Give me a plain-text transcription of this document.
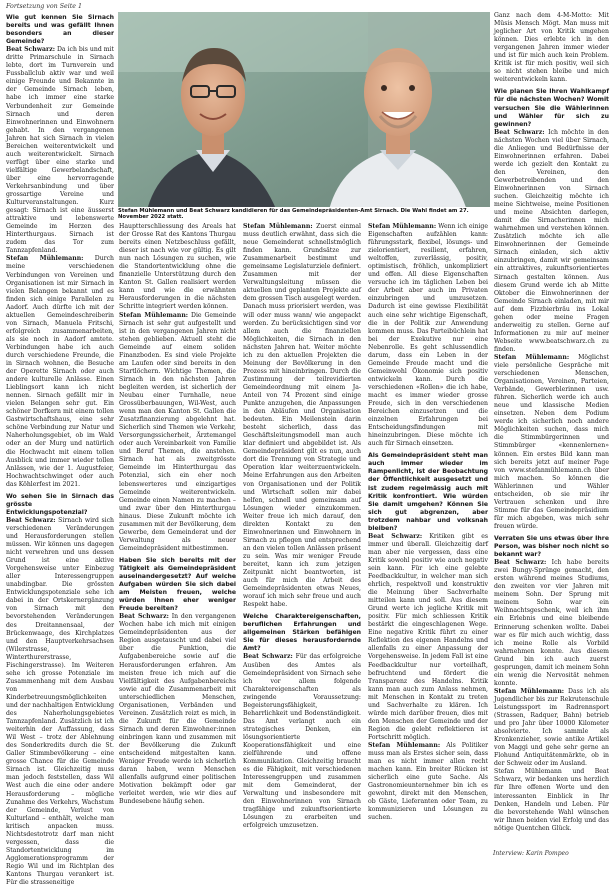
Fortsetzung von Seite 1

Wie gut kennen Sie Sirnach bereits und was gefällt Ihnen besonders an dieser Gemeinde?

Beat Schwarz: Da ich bis und mit dritte Primarschule in Sirnach lebte, dort im Turnverein und Fussballclub aktiv war und weil einige Freunde und Bekannte in der Gemeinde Sirnach leben, habe ich immer eine starke Verbundenheit zur Gemeinde Sirnach und deren Einwohnerinnen und Einwohnern gehabt. In den vergangenen Jahren hat sich Sirnach in vielen Bereichen weiterentwickelt und auch weiterentwickelt. Sirnach verfügt über eine starke und vielfältige Gewerbelandschaft, über eine hervorragende Verkehrsanbindung und über grossartige Vereine und Kulturveranstaltungen. Kurz gesagt: Sirnach ist eine äusserst attraktive und lebenswerte Gemeinde im Herzen des Hinterthurgaus. Sirnach ist zudem das Tor zum Tannzapfenland.

Stefan Mühlemann: Durch meine verschiedenen Verbindungen von Vereinen und Organisationen ist mir Sirnach in vielen Belangen bekannt und es finden sich einige Parallelen zu Aadorf. Auch dürfte ich mit der aktuellen Gemeindeschreiberin von Sirnach, Manuela Fritschi, erfolgreich zusammenarbeiten, als sie noch in Aadorf amtete. Verbindungen habe ich auch durch verschiedene Freunde, die in Sirnach wohnen, die Besuche der Operette Sirnach oder auch andere kulturelle Anlässe. Einen Lieblingsort kann ich nicht nennen. Sirnach gefällt mir in vielen Belangen sehr gut. Ein schöner Dorfkern mit einem tollen Gastwirtschaftshaus, eine sehr schöne Verbindung zur Natur und Naherholungsgebiet, ob im Wald oder an der Murg und natürlich die Hochwacht mit einem tollen Ausblick und immer wieder tollen Anlässen, wie der 1. Augustfeier, Hochwachtschwinget oder auch das Köhlerfest im 2021.

Wo sehen Sie in Sirnach das grösste Entwicklungspotenzial?

Beat Schwarz: Sirnach wird sich verschiedenen Veränderungen und Herausforderungen stellen müssen. Wir können uns dagegen nicht verwehren und uns dessen Grund ist eine aktive Vorgehensweise unter Einbezug aller Interessengruppen unabdingbar. Die grössten Entwicklungspotenziale sehe ich dabei in der Ortskernergänzung von Sirnach mit den bevorstehenden Veränderungen des Dreitannensaal, der Brückenwaage, des Kirchplatzes und den Hauptverkehrsachsen (Wilerstrasse, Winterthurerstrasse, Fischingerstrasse). Im Weiteren sehe ich grosse Potenziale im Zusammenhang mit dem Ausbau von Kinderbetreuungsmöglichkeiten und der nachhaltigen Entwicklung des Naherholungsgebietes Tannzapfenland. Zusätzlich ist ich weiterhin der Auffassung, dass Wil West – trotz der Ablehnung des Sonderkredits durch die St. Galler Stimmbevölkerung – eine grosse Chance für die Gemeinde Sirnach ist. Gleichzeitig muss man jedoch feststellen, dass Wil West auch die eine oder andere Herausforderung – mögliche Zunahme des Verkehrs, Wachstum der Gemeinde, Verlust von Kulturland – enthält, welche man kritisch anpacken muss. Nichtsdestotrotz darf man nicht vergessen, dass die Standortentwicklung im Agglomerationsprogramm der Regio Wil und im Richtplan des Kantons Thurgau verankert ist. Für die strasseneitige

Stefan Mühlemann und Beat Schwarz kandidieren für das Gemeindepräsidenten-Amt Sirnach. Die Wahl findet am 27. November 2022 statt.

Hauptterschliessung des Areals hat der Grosse Rat des Kantons Thurgau bereits einen Netzbeschluss gefällt, dieser ist nach wie vor gültig. Es gilt nun nach Lösungen zu suchen, wie die Standortentwicklung ohne die finanzielle Unterstützung durch den Kanton St. Gallen realisiert werden kann und wie die erwähnten Herausforderungen in die nächsten Schritte integriert werden können.

Stefan Mühlemann: Die Gemeinde Sirnach ist sehr gut aufgestellt und ist in den vergangenen Jahren nicht stehen geblieben. Aktuell steht die Gemeinde auf einem soliden Finanzboden. Es sind viele Projekte am Laufen oder sind bereits in den Startlöchern. Wichtige Themen, die Sirnach in den nächsten Jahren begleiten werden, ist sicherlich der Neubau einer Turnhalle, neue Grossüberbauungen, Wil-West, auch wenn man den Kanton St. Gallen die Zusatzfinanzierung abgelehnt hat. Sicherlich sind Themen wie Verkehr, Versorgungssicherheit, Ärztemangel oder auch Vereinbarkeit von Familie und Beruf Themen, die anstehen. Sirnach hat als zweitgrösste Gemeinde im Hinterthurgau das Potenzial, sich ein eher noch lebenswerteres und einzigartiges Gemeinde weiterentwickeln. Gemeinde einen Namen zu machen – und zwar über den Hinterthurgau hinaus. Diese Zukunft möchte ich zusammen mit der Bevölkerung, dem Gewerbe, dem Gemeinderat und der Verwaltung als neuer Gemeindepräsident mitbestimmen.

Haben Sie sich bereits mit der Tätigkeit als Gemeindepräsident auseinandergesetzt? Auf welche Aufgaben würden Sie sich dabei am Meisten freuen, welche würden Ihnen eher weniger Freude bereiten?

Beat Schwarz: In den vergangenen Wochen habe ich mich mit einigen Gemeindepräsidenten aus der Region ausgetauscht und dabei viel über die Funktion, die Aufgabenbereiche sowie auf die Herausforderungen erfahren. Am meisten freue ich mich auf die Vielfältigkeit des Aufgabenbereichs sowie auf die Zusammenarbeit mit unterschiedlichen Menschen, Organisationen, Verbänden und Vereinen. Zusätzlich reizt es mich, in die Zukunft für die Gemeinde Sirnach und deren Einwohner:innen einbringen kann und zusammen mit der Bevölkerung die Zukunft entscheidend mitgestalten kann. Weniger Freude werde ich sicherlich daran haben, wenn Menschen allenfalls aufgrund einer politischen Motivation bekämpft oder gar verleitet werden, wie wir dies auf Bundesebene häufig sehen.

Stefan Mühlemann: Zuerst einmal muss deutlich erwähnt, dass sich die neue Gemeinderat schnellstmöglich finden kann. Grundsätze zur Zusammenarbeit bestimmt und gemeinsame Legislaturziele definiert. Zusammen mit der Verwaltungsleitung müssen die aktuellen und geplanten Projekte auf dem grossen Tisch ausgelegt werden. Danach muss priorisiert werden, was will oder muss wann/ wie angepackt werden. Zu berücksichtigen sind vor allem auch die finanziellen Möglichkeiten, die Sirnach in den nächsten Jahren hat. Weiter möchte ich zu den aktuellen Projekten die Meinung der Bevölkerung in den Prozess mit hineinbringen. Durch die Zustimmung der teilrevidierten Gemeindeordnung mit einem Ja-Anteil von 74 Prozent sind einige Punkte anzugehen, die Anpassungen in den Abläufen und Organisation bedeuten. Ein Meilenstein darin besteht sicherlich, dass das Geschäftsleitungsmodell man auch klar definiert und abgebildet ist. Als Gemeindepräsident gilt es nun, auch dort die Trennung von Strategie und Operation klar weiterzuentwickeln. Meine Erfahrungen aus den Arbeiten von Organisationen und der Politik und Wirtschaft sollen mir dabei helfen, schnell und gemeinsam auf Lösungen wieder einzukommen. Weiter freue ich mich darauf, den direkten Kontakt zu den Einwohnerinnen und Einwohnern in Sirnach zu pflegen und entsprechend an den vielen tollen Anlässen präsent zu sein. Was mir weniger Freude bereitet, kann ich zum jetzigen Zeitpunkt nicht beantworten, ist auch für mich die Arbeit des Gemeindepräsidenten etwas Neues, worauf ich mich sehr freue und auch Respekt habe.

Welche Charaktereigenschaften, beruflichen Erfahrungen und allgemeinen Stärken befähigen Sie für dieses herausfordernde Amt?

Beat Schwarz: Für das erfolgreiche Ausüben des Amtes als Gemeindepräsident von Sirnach sehe ich vor allem folgende Charaktereigenschaften als zwingende Voraussetzung: Begeisterungsfähigkeit, Beharrlichkeit und Bodenständigkeit. Das Amt verlangt auch ein strategisches Denken, ein lösungsorientierte Kooperationsfähigkeit und eine zielführende und offene Kommunikation. Gleichzeitig braucht es die Fähigkeit, mit verschiedenen Interessengruppen und zusammen mit dem Gemeinderat, der Verwaltung und insbesondere mit den Einwohnerinnen von Sirnach tragfähige und zukunftsorientierte Lösungen zu erarbeiten und erfolgreich umzusetzen.

Stefan Mühlemann: Wenn ich einige Eigenschaften aufzählen kann: führungsstark, flexibel, lösungs- und zielorientiert, resilient, erfahren, weltoffen, zuverlässig, positiv, optimistisch, fröhlich, unkompliziert und offen. All diese Eigenschaften versuche ich im täglichen Leben bei der Arbeit aber auch im Privaten einzubringen und umzusetzen. Dadurch ist eine gewisse Flexibilität auch eine sehr wichtige Eigenschaft, die in der Politik zur Anwendung kommen muss. Das Parteibüchlein hat bei der Exekutive nur eine Nebenrolle. Es geht schlussendlich darum, dass ein Leben in der Gemeinde Freude macht und die Gemeinwohl Ökonomie sich positiv entwickeln kann. Durch die verschiedenen «Rollen» die ich habe, macht es immer wieder grosse Freude, sich in den verschiedenen Bereichen einzusetzen und die einzelnen Erfahrungen bei Entscheidungsfindungen mit hineinzubringen. Diese möchte ich auch für Sirnach einsetzen.

Als Gemeindepräsident steht man auch immer wieder im Rampenlicht, ist der Beobachtung der Öffentlichkeit ausgesetzt und ist zudem regelmässig auch mit Kritik konfrontiert. Wie würden Sie damit umgehen? Können Sie sich gut abgrenzen, aber trotzdem nahbar und volksnah bleiben?

Beat Schwarz: Kritiken gibt es immer und überall. Gleichzeitig darf man aber nie vergessen, dass eine Kritik sowohl positiv wie auch negativ sein kann. Für ich eine gelebte Feedbackkultur, in welcher man sich ehrlich, respektvoll und konstruktiv die Meinung über Sachverhalte mitteilen kann und soll. Aus diesem Grund werte ich jegliche Kritik mit positiv. Für mich schliessen Kritik bestärkt die eingeschlagenen Wege. Eine negative Kritik führt zu einer Reflektion des eigenen Handelns und allenfalls zu einer Anpassung der Vorgehensweise. In jedem Fall ist eine Feedbackkultur nur vorteilhaft, befruchtend und fördert die Transparenz des Handelns. Kritik kann man auch zum Anlass nehmen, mit Menschen in Kontakt zu treten und Sachverhalte zu klären. Ich würde mich darüber freuen, dies mit den Menschen der Gemeinde und der Region die gelebt reflektieren ist Fortschritt möglich.

Stefan Mühlemann: Als Politiker muss man als Erstes sicher sein, dass man es nicht immer allen recht machen kann. Ein breiter Rücken ist sicherlich eine gute Sache. Als Gastronomieunternehmer bin ich es gewohnt, direkt mit den Menschen, ob Gäste, Lieferanten oder Team, zu kommunizieren und Lösungen zu suchen.

Ganz nach dem 4-M-Motto: Mit Müsis Mensch Mögt. Man muss mit jeglicher Art von Kritik umgehen können. Dies erlebte ich in den vergangenen Jahren immer wieder und ist für mich auch kein Problem. Kritik ist für mich positiv, weil sich so nicht stehen bleibe und mich weiterentwickeln kann.

Wie planen Sie Ihren Wahlkampf für die nächsten Wochen? Womit versuchen Sie die Wählerinnen und Wähler für sich zu gewinnen?

Beat Schwarz: Ich möchte in den nächsten Wochen viel über Sirnach, die Anliegen und Bedürfnisse der Einwohnerinnen erfahren. Dabei werde ich gezielt den Kontakt zu den Vereinen, den Gewerbetreibenden und den Einwohnerinnen von Sirnach suchen. Gleichzeitig möchte ich meine Sichtweise, meine Positionen und meine Absichten darlegen, damit die Sirnacherinnen mich wahrnehmen und verstehen können. Zusätzlich möchte ich alle Einwohnerinnen der Gemeinde Sirnach einladen, sich aktiv einzubringen, damit wir gemeinsam ein attraktives, zukunftsorientiertes Sirnach gestalten können. Aus diesem Grund werde ich ab Mitte Oktober die Einwohnerinnen der Gemeinde Sirnach einladen, mit mir auf dem Fizzbierbräu ins Lokal gehen oder meine Fragen anderweitig zu stellen. Gerne auf Informationen zu mir auf meiner Webseite www.beatschwarz.ch zu finden.

Stefan Mühlemann: Möglichst viele persönliche Gespräche mit verschiedenen Menschen, Organisationen, Vereinen, Parteien, Verbände, Gewerblerinnen usw. führen. Sicherlich werde ich auch neue und klassische Medien einsetzen. Neben dem Podium werde ich sicherlich noch andere Möglichkeiten suchen, dass mich die Stimmbürgerinnen und Stimmbürger «kennenlernen» können. Ein erstes Bild kann man sich bereits jetzt auf meiner Page von www.stefanmühlemann.ch über mich machen. So können die Wählerinnen und Wähler entscheiden, ob sie mir ihr Vertrauen schenken und ihre Stimme für das Gemeindepräsidium für mich abgeben, was mich sehr freuen würde.

Verraten Sie uns etwas über Ihre Person, was bisher noch nicht so bekannt war?

Beat Schwarz: Ich habe bereits zwei Bungy-Sprünge gemacht, den ersten während meines Studiums, den zweiten vor vier Jahren mit meinem Sohn. Der Sprung mit meinem Sohn war ein Weihnachtsgeschenk, weil ich ihm ein Erlebnis und eine bleibende Erinnerung schenken wollte. Dabei war es für mich auch wichtig, dass ich meine Rolle als Vorbild wahrnehmen konnte. Aus diesem Grund bin ich auch zuerst gesprungen, damit ich meinem Sohn ein wenig die Nervosität nehmen konnte.

Stefan Mühlemann: Dass ich als Jugendlicher bis zur Rekrutenschule Leistungssport im Radrennsport (Strassen, Radquer, Bahn) betrieb und pro Jahr über 10000 Kilometer absolvierte. Ich sammle als Kronkenzieher, sowie antike Artikel von Maggi und gehe sehr gerne an Flohund Antiquitätenmärkte, ob in der Schweiz oder im Ausland.

Stefan Mühlemann und Beat Schwarz, wir bedanken uns herzlich für Ihre offenen Worte und den interessanten Einblick in Ihr Denken, Handeln und Leben. Für die bevorstehende Wahl wünschen wir Ihnen beiden viel Erfolg und das nötige Quentchen Glück.

Interview: Karin Pompeo
